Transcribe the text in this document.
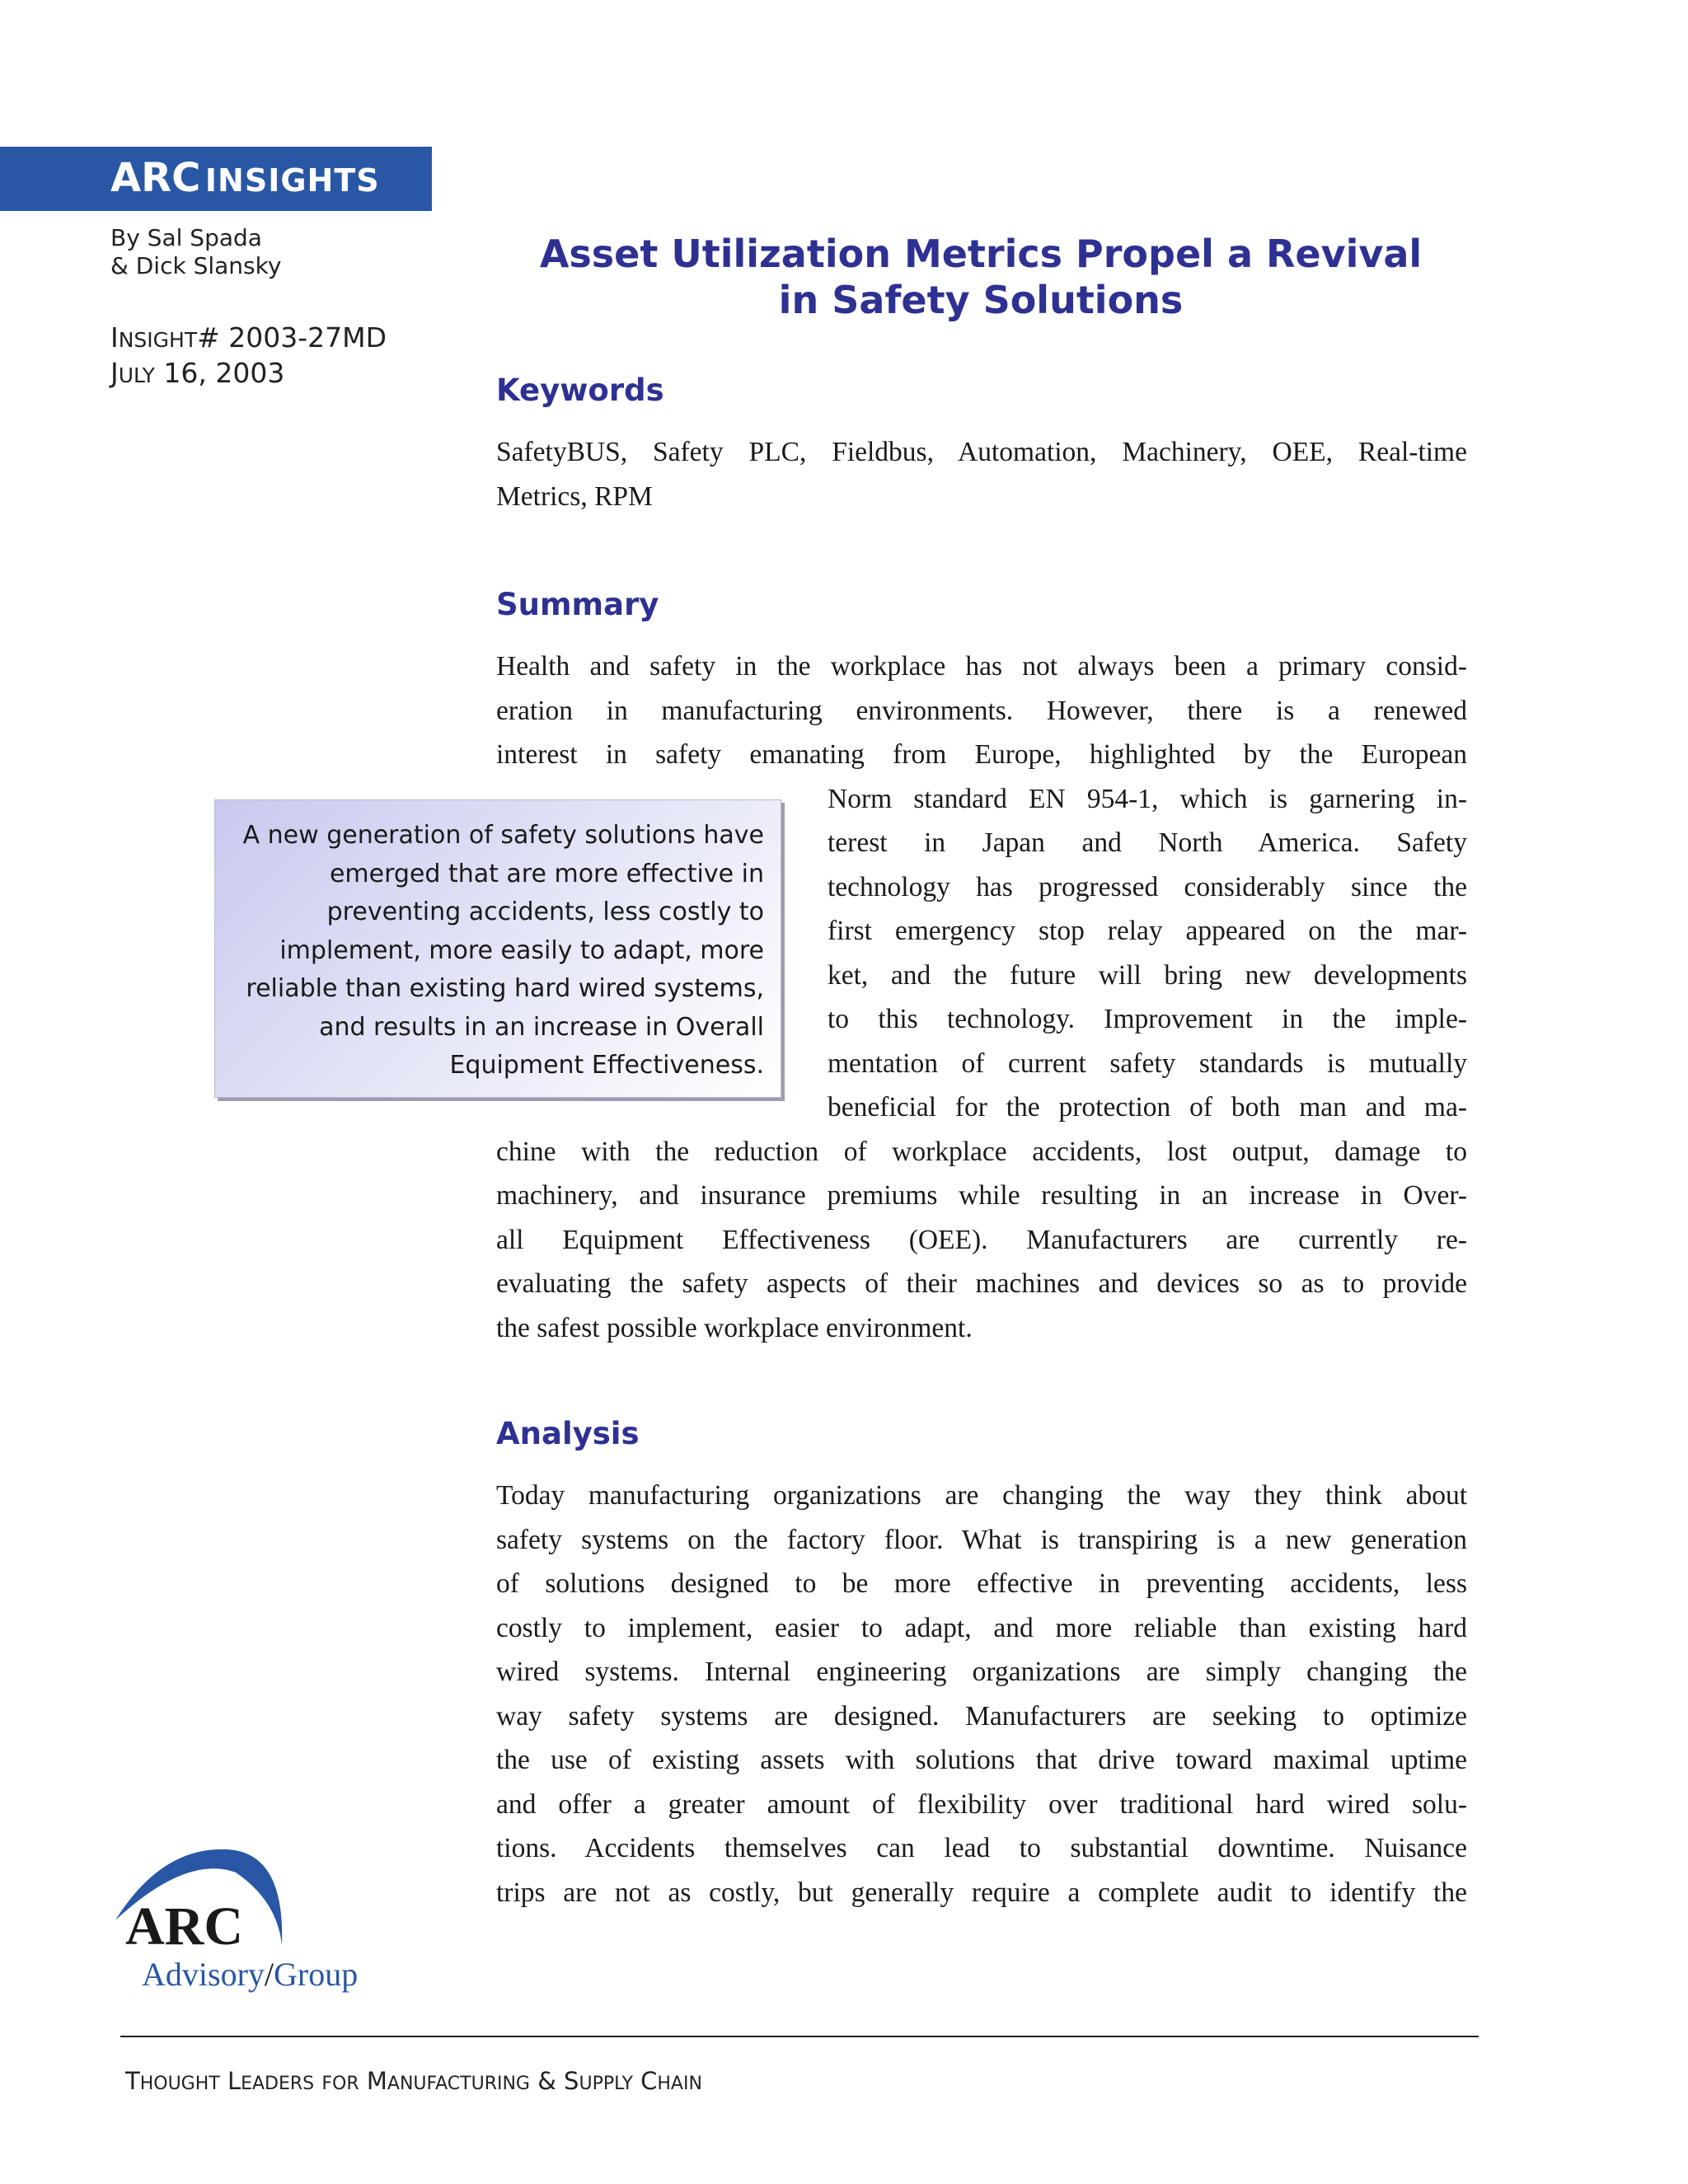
ARC INSIGHTS
By Sal Spada
& Dick Slansky
INSIGHT# 2003-27MD
JULY 16, 2003
Asset Utilization Metrics Propel a Revival
in Safety Solutions
Keywords

SafetyBUS, Safety PLC, Fieldbus, Automation, Machinery, OEE, Real-time
Metrics, RPM

Summary

Health and safety in the workplace has not always been a primary consid-
eration in manufacturing environments. However, there is a renewed
interest in safety emanating from Europe, highlighted by the European
Norm standard EN 954-1, which is garnering in-
terest in Japan and North America. Safety
technology has progressed considerably since the
first emergency stop relay appeared on the mar-
ket, and the future will bring new developments
to this technology. Improvement in the imple-
mentation of current safety standards is mutually
beneficial for the protection of both man and ma-
chine with the reduction of workplace accidents, lost output, damage to
machinery, and insurance premiums while resulting in an increase in Over-
all Equipment Effectiveness (OEE). Manufacturers are currently re-
evaluating the safety aspects of their machines and devices so as to provide
the safest possible workplace environment.

A new generation of safety solutions have
emerged that are more effective in
preventing accidents, less costly to
implement, more easily to adapt, more
reliable than existing hard wired systems,
and results in an increase in Overall
Equipment Effectiveness.
Analysis

Today manufacturing organizations are changing the way they think about
safety systems on the factory floor. What is transpiring is a new generation
of solutions designed to be more effective in preventing accidents, less
costly to implement, easier to adapt, and more reliable than existing hard
wired systems. Internal engineering organizations are simply changing the
way safety systems are designed. Manufacturers are seeking to optimize
the use of existing assets with solutions that drive toward maximal uptime
and offer a greater amount of flexibility over traditional hard wired solu-
tions. Accidents themselves can lead to substantial downtime. Nuisance
trips are not as costly, but generally require a complete audit to identify the

ARC
Advisory/Group
THOUGHT LEADERS FOR MANUFACTURING & SUPPLY CHAIN
